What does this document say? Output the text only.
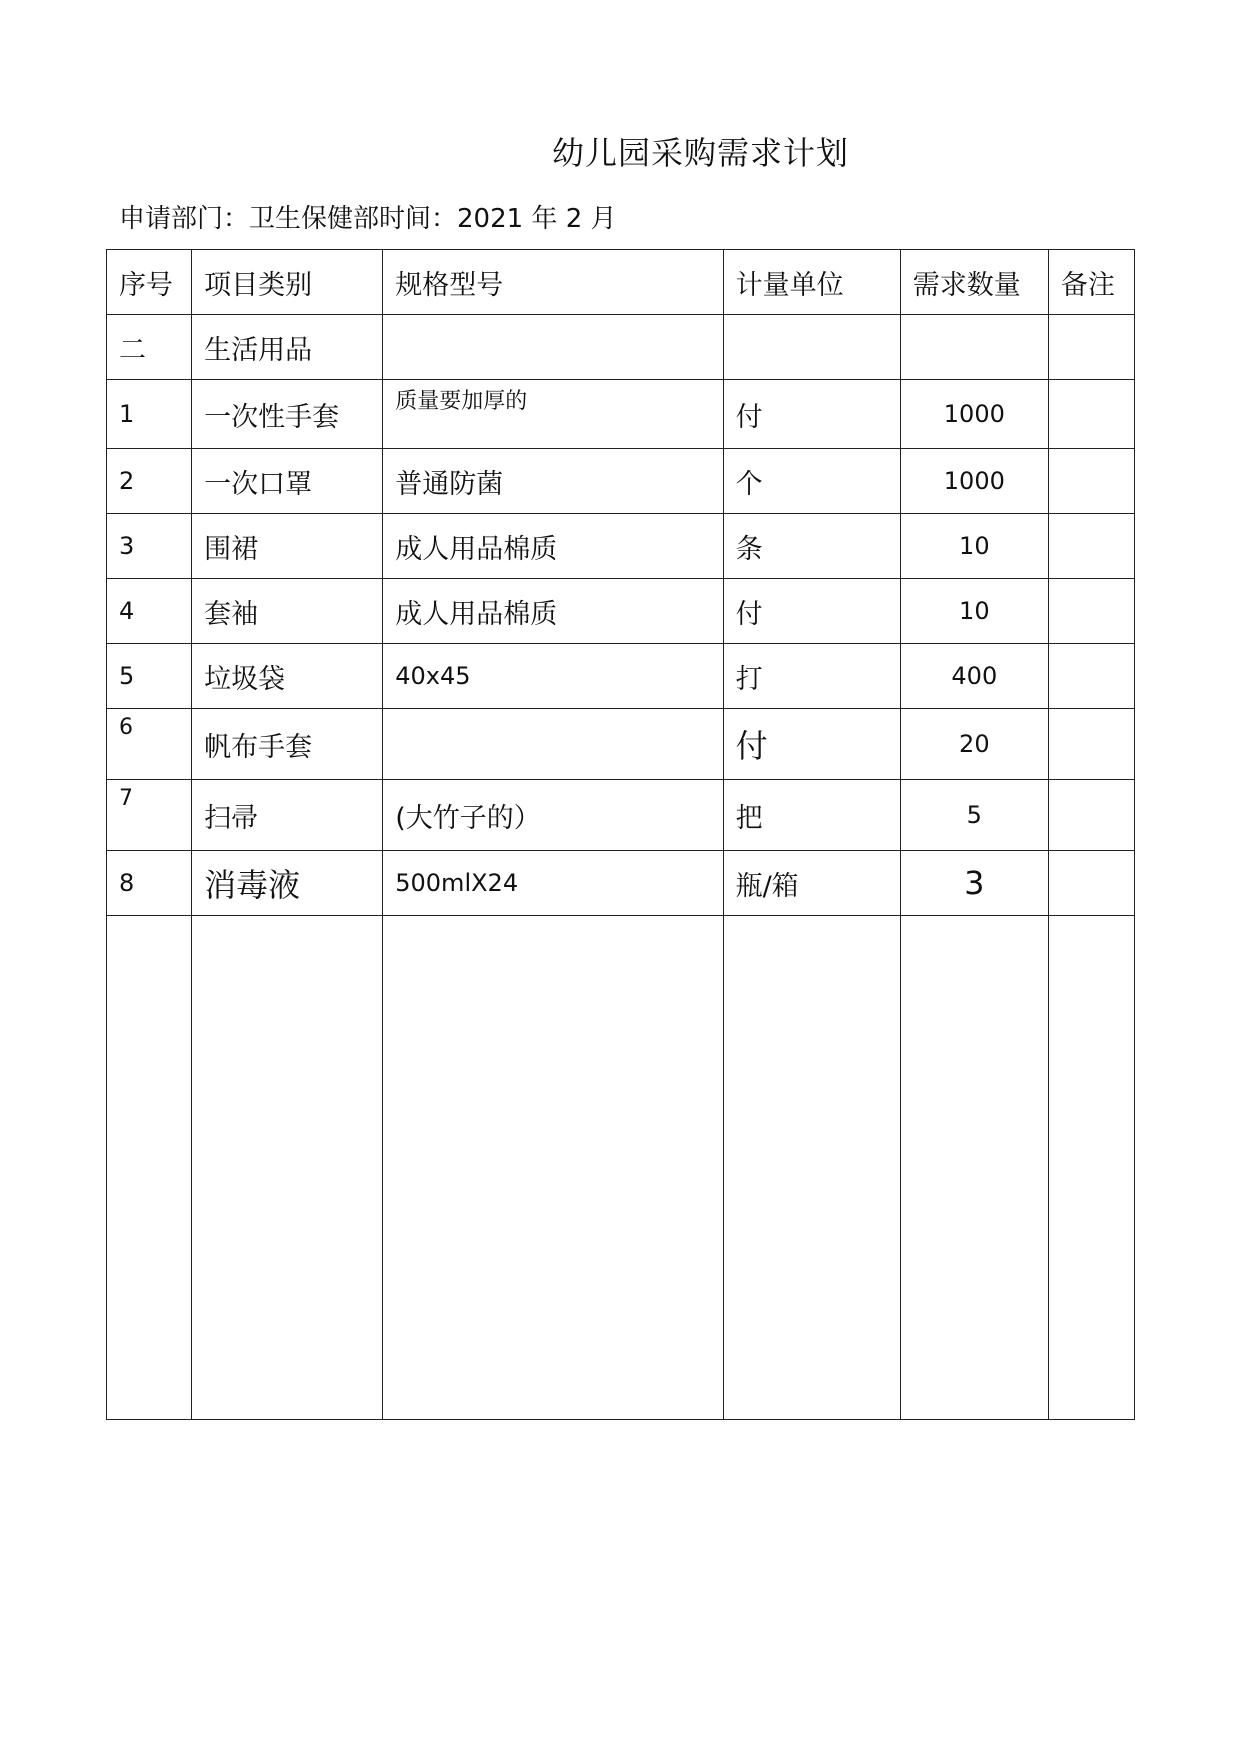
幼儿园采购需求计划
申请部门：卫生保健部时间：2021 年 2 月
序号	项目类别	规格型号	计量单位	需求数量	备注
二	生活用品				
1	一次性手套	质量要加厚的	付	1000	
2	一次口罩	普通防菌	个	1000	
3	围裙	成人用品棉质	条	10	
4	套袖	成人用品棉质	付	10	
5	垃圾袋	40x45	打	400	
6	帆布手套		付	20	
7	扫帚	(大竹子的）	把	5	
8	消毒液	500mlX24	瓶/箱	3	
